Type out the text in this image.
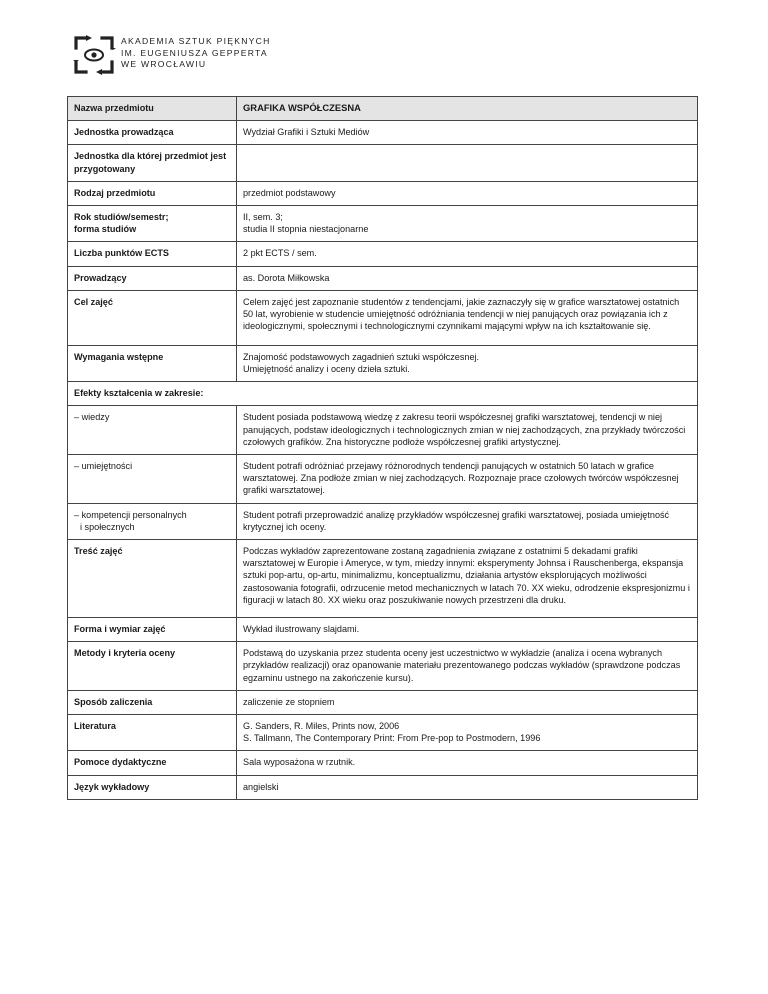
AKADEMIA SZTUK PIĘKNYCH
IM. EUGENIUSZA GEPPERTA
WE WROCŁAWIU
Nazwa przedmiotu	GRAFIKA WSPÓŁCZESNA
Jednostka prowadząca	Wydział Grafiki i Sztuki Mediów
Jednostka dla której przedmiot jest przygotowany	
Rodzaj przedmiotu	przedmiot podstawowy

Rok studiów/semestr;
forma studiów	II, sem. 3;
studia II stopnia niestacjonarne

Liczba punktów ECTS	2 pkt ECTS / sem.
Prowadzący	as. Dorota Miłkowska
Cel zajęć	Celem zajęć jest zapoznanie studentów z tendencjami, jakie zaznaczyły się w grafice warsztatowej ostatnich 50 lat, wyrobienie w studencie umiejętność odróżniania tendencji w niej panujących oraz powiązania ich z ideologicznymi, społecznymi i technologicznymi czynnikami mającymi wpływ na ich kształtowanie się.
Wymagania wstępne	Znajomość podstawowych zagadnień sztuki współczesnej.
Umiejętność analizy i oceny dzieła sztuki.

Efekty kształcenia w zakresie:	
– wiedzy	Student posiada podstawową wiedzę z zakresu teorii współczesnej grafiki warsztatowej, tendencji w niej panujących, podstaw ideologicznych i technologicznych zmian w niej zachodzących, zna przykłady twórczości czołowych grafików. Zna historyczne podłoże współczesnej grafiki artystycznej.
– umiejętności	Student potrafi odróżniać przejawy różnorodnych tendencji panujących w ostatnich 50 latach w grafice warsztatowej. Zna podłoże zmian w niej zachodzących. Rozpoznaje prace czołowych twórców współczesnej grafiki warsztatowej.

– kompetencji personalnych
i społecznych	Student potrafi przeprowadzić analizę przykładów współczesnej grafiki warsztatowej, posiada umiejętność krytycznej ich oceny.
Treść zajęć	Podczas wykładów zaprezentowane zostaną zagadnienia związane z ostatnimi 5 dekadami grafiki warsztatowej w Europie i Ameryce, w tym, miedzy innymi: eksperymenty Johnsa i Rauschenberga, ekspansja sztuki pop-artu, op-artu, minimalizmu, konceptualizmu, działania artystów eksplorujących możliwości zastosowania fotografii, odrzucenie metod mechanicznych w latach 70. XX wieku, odrodzenie ekspresjonizmu i figuracji w latach 80. XX wieku oraz poszukiwanie nowych przestrzeni dla druku.
Forma i wymiar zajęć	Wykład ilustrowany slajdami.
Metody i kryteria oceny	Podstawą do uzyskania przez studenta oceny jest uczestnictwo w wykładzie (analiza i ocena wybranych przykładów realizacji) oraz opanowanie materiału prezentowanego podczas wykładów (sprawdzone podczas egzaminu ustnego na zakończenie kursu).
Sposób zaliczenia	zaliczenie ze stopniem
Literatura	G. Sanders, R. Miles, Prints now, 2006
S. Tallmann, The Contemporary Print: From Pre-pop to Postmodern, 1996

Pomoce dydaktyczne	Sala wyposażona w rzutnik.
Język wykładowy	angielski
